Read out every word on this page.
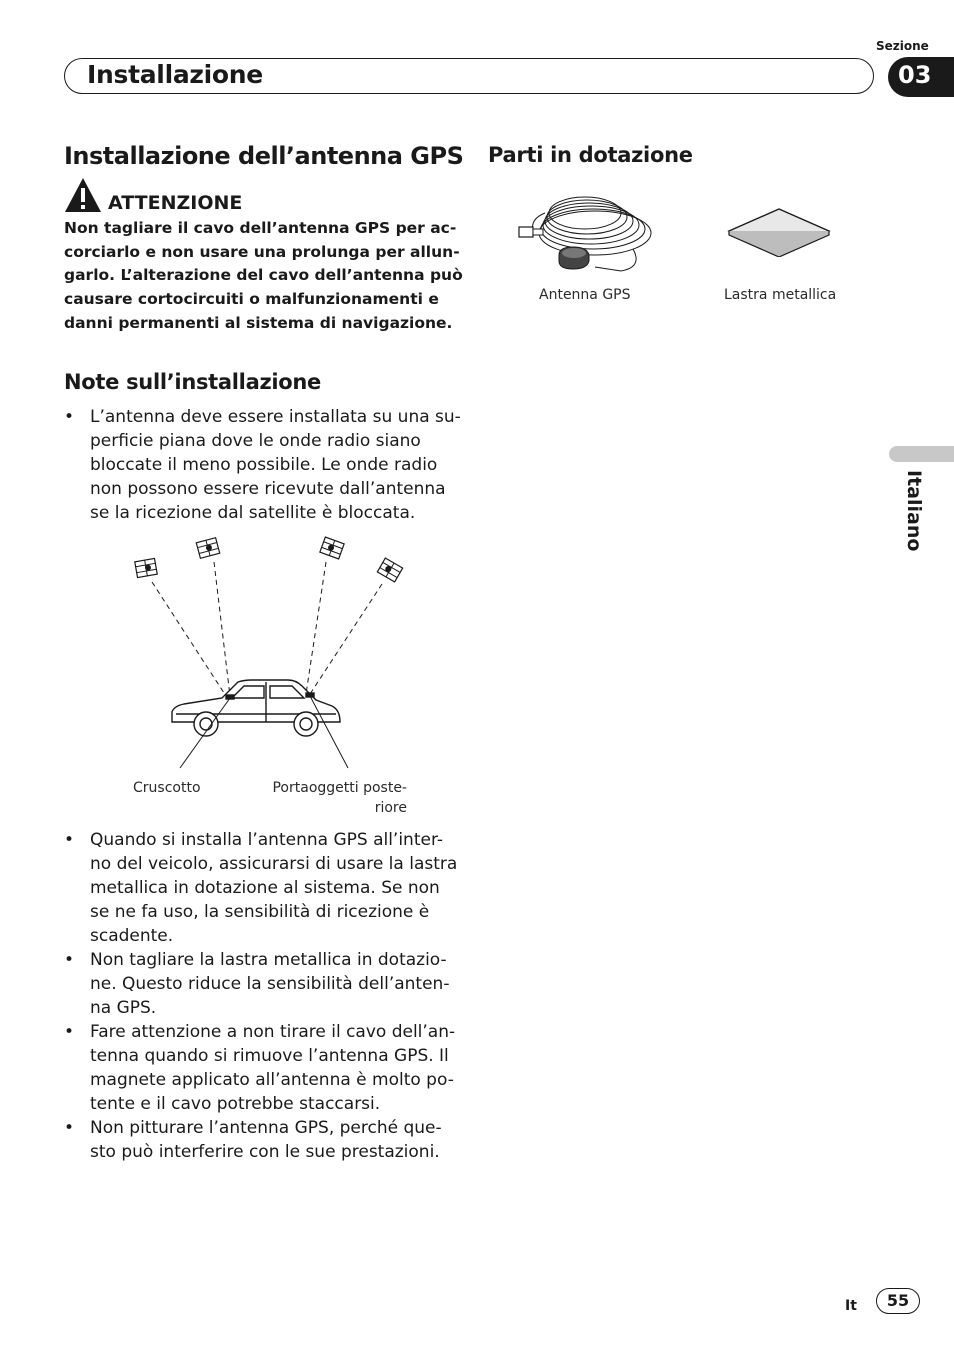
Sezione
Installazione	03
Installazione dell’antenna GPS
ATTENZIONE
Non tagliare il cavo dell’antenna GPS per ac-
corciarlo e non usare una prolunga per allun-
garlo. L’alterazione del cavo dell’antenna può
causare cortocircuiti o malfunzionamenti e
danni permanenti al sistema di navigazione.
Note sull’installazione
• L’antenna deve essere installata su una su-
perficie piana dove le onde radio siano
bloccate il meno possibile. Le onde radio
non possono essere ricevute dall’antenna
se la ricezione dal satellite è bloccata.
Cruscotto	Portaoggetti poste-
riore
• Quando si installa l’antenna GPS all’inter-
no del veicolo, assicurarsi di usare la lastra
metallica in dotazione al sistema. Se non
se ne fa uso, la sensibilità di ricezione è
scadente.
• Non tagliare la lastra metallica in dotazio-
ne. Questo riduce la sensibilità dell’anten-
na GPS.
• Fare attenzione a non tirare il cavo dell’an-
tenna quando si rimuove l’antenna GPS. Il
magnete applicato all’antenna è molto po-
tente e il cavo potrebbe staccarsi.
• Non pitturare l’antenna GPS, perché que-
sto può interferire con le sue prestazioni.
Parti in dotazione
Antenna GPS	Lastra metallica
Italiano
It	55
